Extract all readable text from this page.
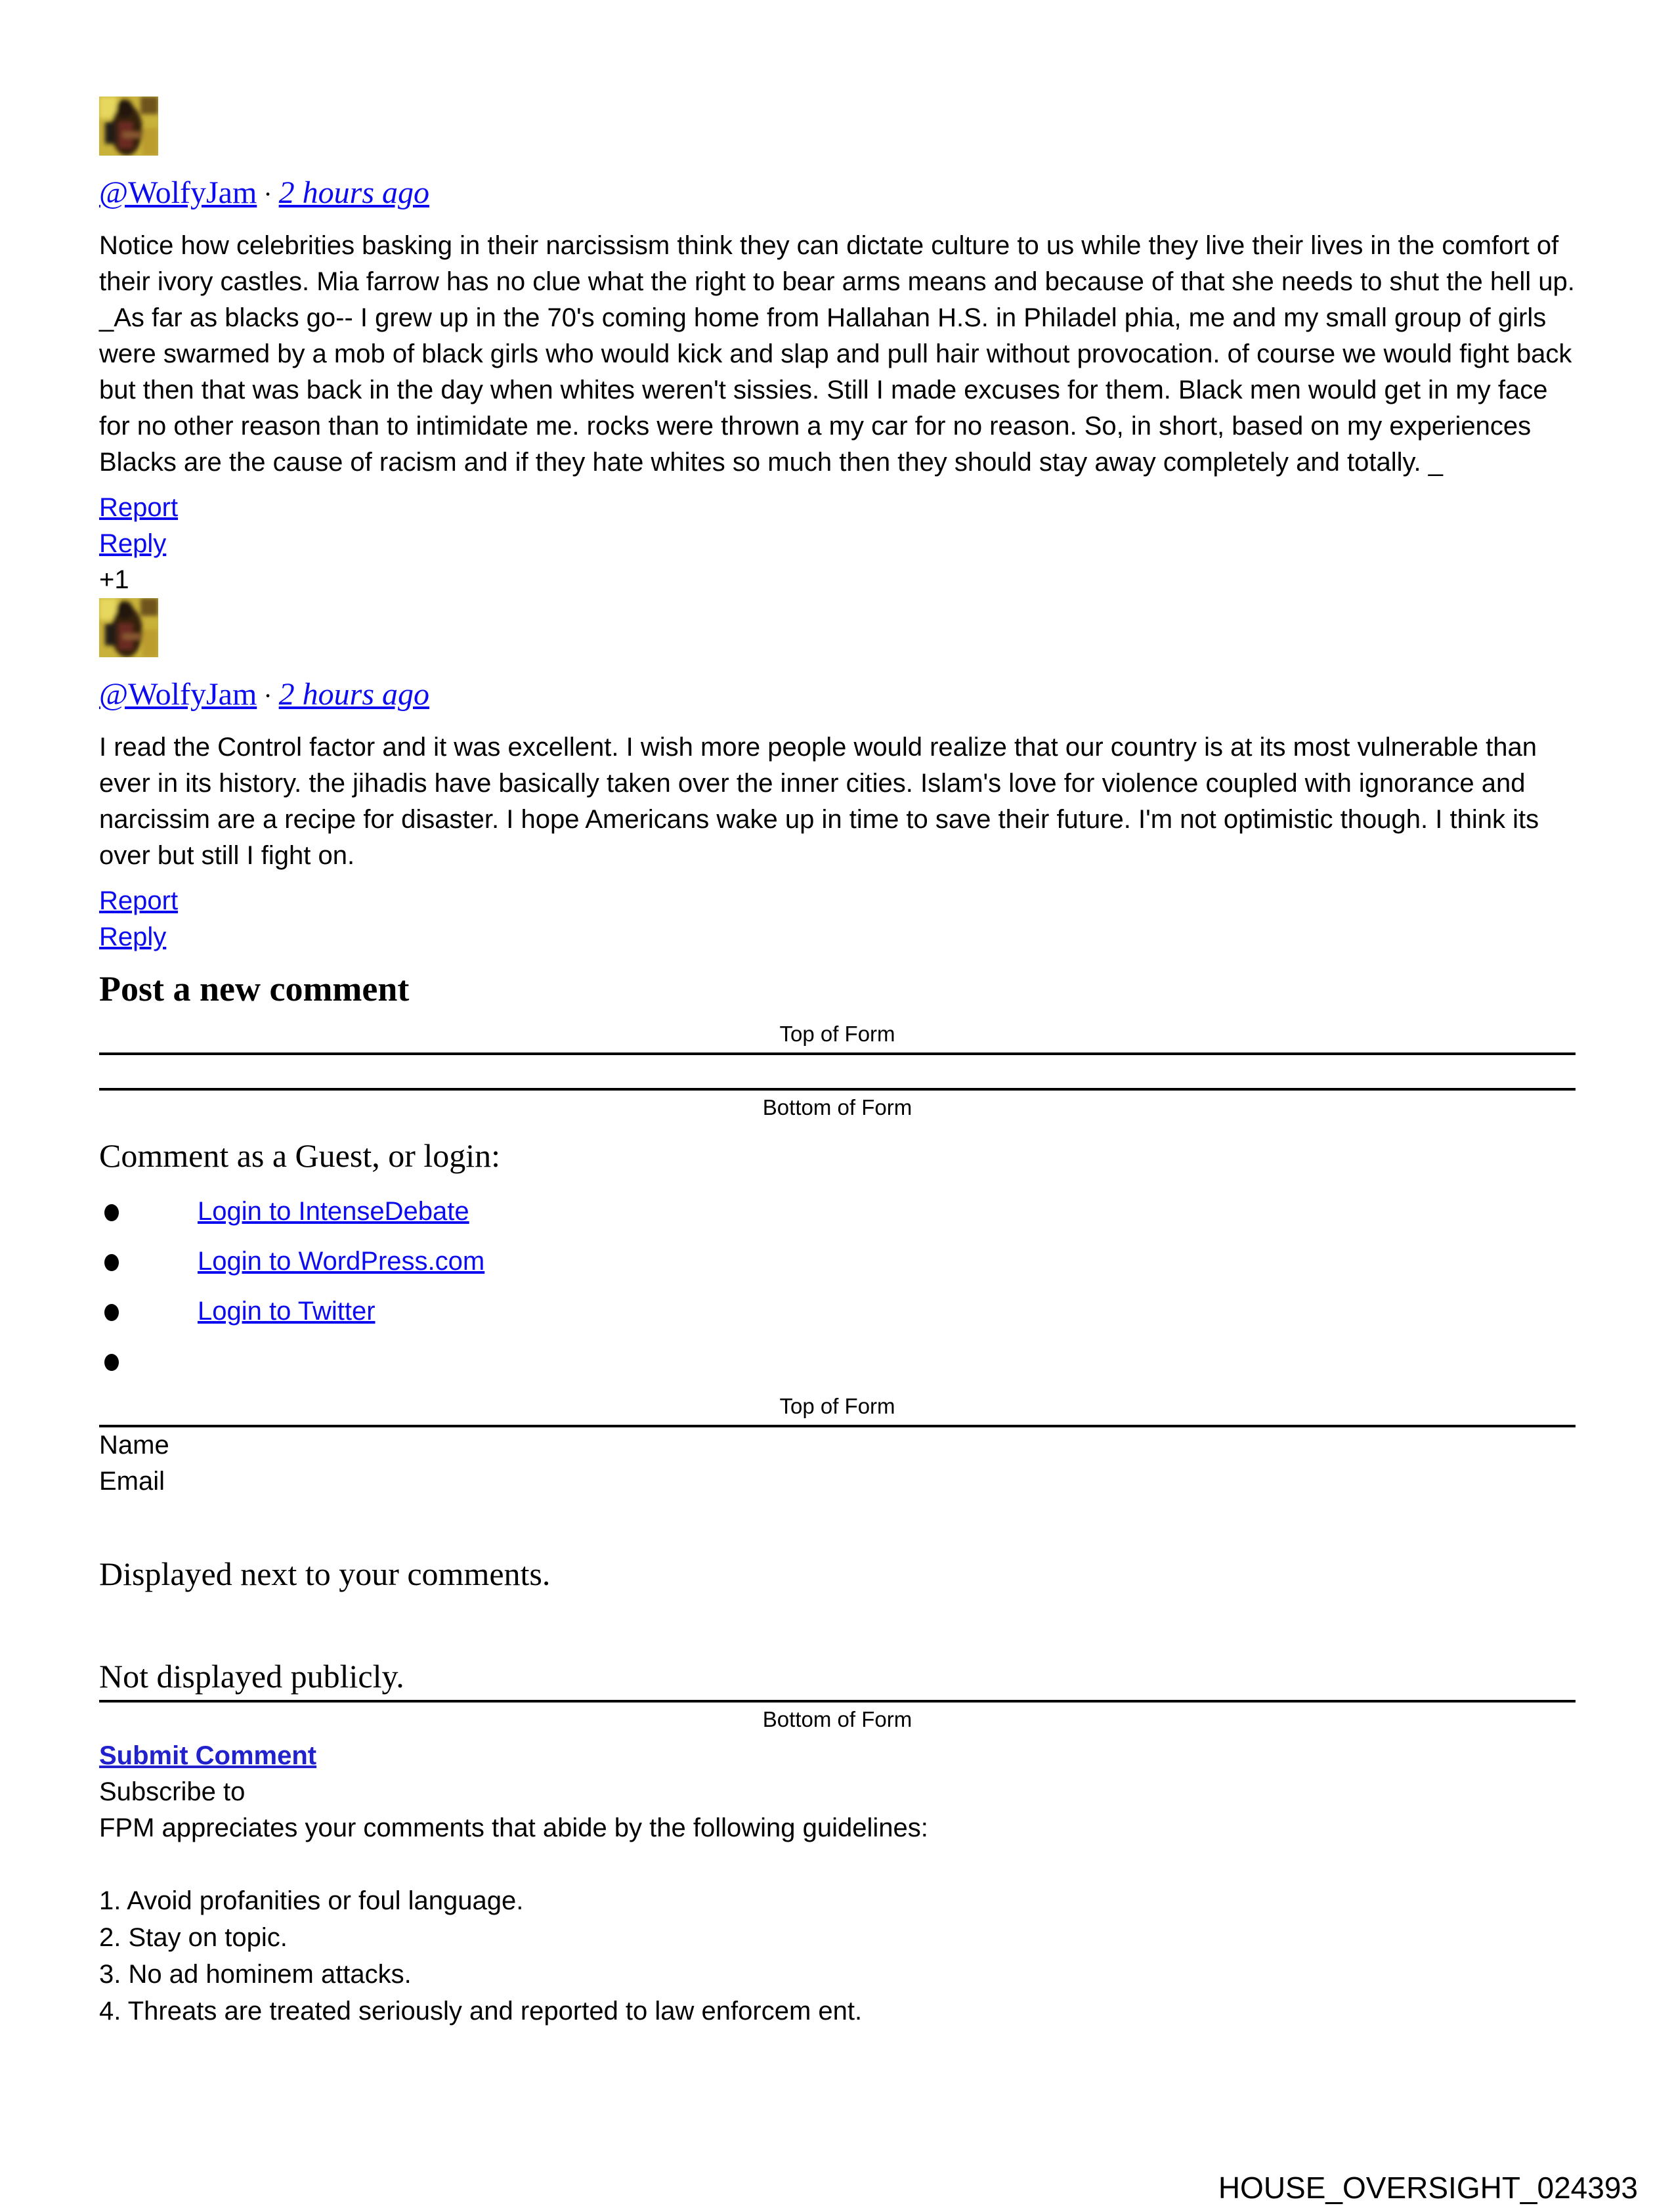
@WolfyJam · 2 hours ago

Notice how celebrities basking in their narcissism think they can dictate culture to us while they live their lives in the comfort of their ivory castles. Mia farrow has no clue what the right to bear arms means and because of that she needs to shut the hell up. _As far as blacks go-- I grew up in the 70's coming home from Hallahan H.S. in Philadel phia, me and my small group of girls were swarmed by a mob of black girls who would kick and slap and pull hair without provocation. of course we would fight back but then that was back in the day when whites weren't sissies. Still I made excuses for them. Black men would get in my face for no other reason than to intimidate me. rocks were thrown a my car for no reason. So, in short, based on my experiences Blacks are the cause of racism and if they hate whites so much then they should stay away completely and totally. _

Report
Reply
+1
@WolfyJam · 2 hours ago

I read the Control factor and it was excellent. I wish more people would realize that our country is at its most vulnerable than ever in its history. the jihadis have basically taken over the inner cities. Islam's love for violence coupled with ignorance and narcissim are a recipe for disaster. I hope Americans wake up in time to save their future. I'm not optimistic though. I think its over but still I fight on.

Report
Reply
Post a new comment
Top of Form
Bottom of Form
Comment as a Guest, or login:
Login to IntenseDebate
Login to WordPress.com
Login to Twitter
Top of Form
Name
Email
Displayed next to your comments.
Not displayed publicly.
Bottom of Form
Submit Comment
Subscribe to
FPM appreciates your comments that abide by the following guidelines:
1. Avoid profanities or foul language.
2. Stay on topic.
3. No ad hominem attacks.
4. Threats are treated seriously and reported to law enforcem ent.
HOUSE_OVERSIGHT_024393
